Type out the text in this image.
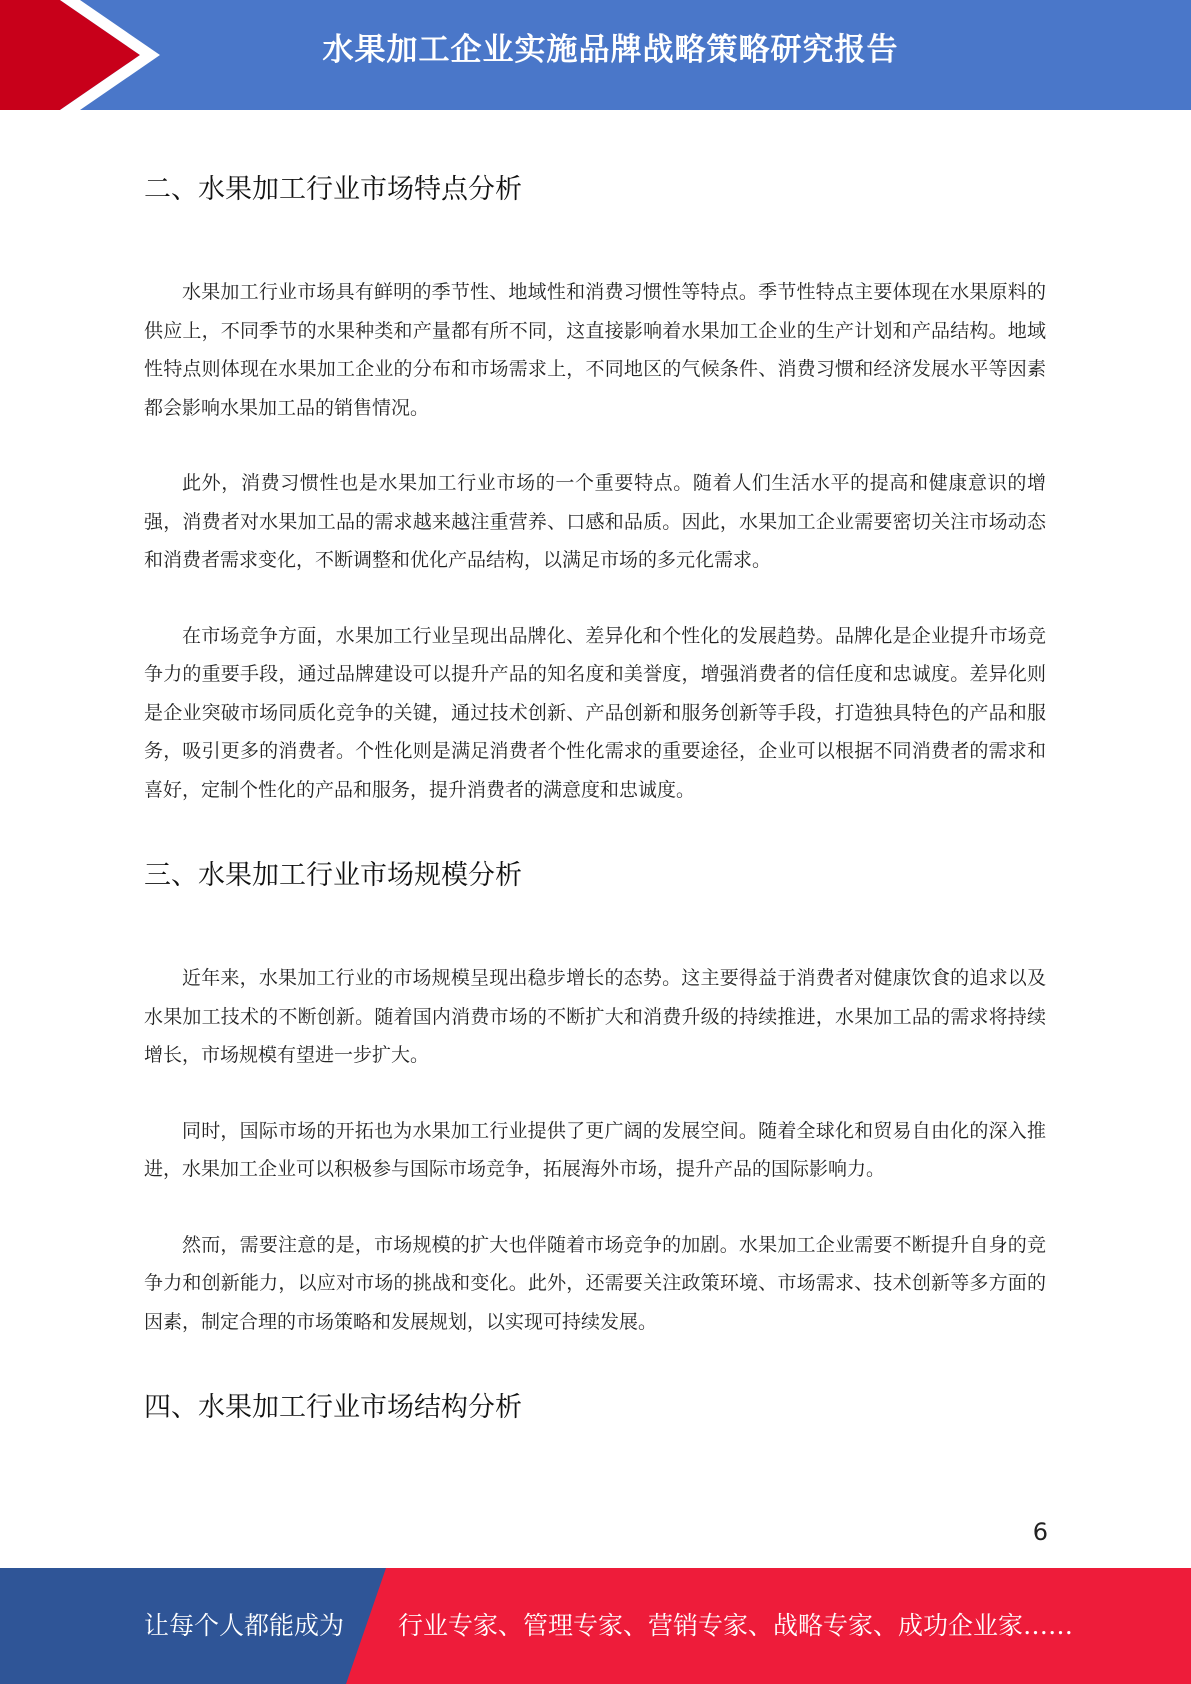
水果加工企业实施品牌战略策略研究报告
二、水果加工行业市场特点分析

水果加工行业市场具有鲜明的季节性、地域性和消费习惯性等特点。季节性特点主要体现在水果原料的供应上，不同季节的水果种类和产量都有所不同，这直接影响着水果加工企业的生产计划和产品结构。地域性特点则体现在水果加工企业的分布和市场需求上，不同地区的气候条件、消费习惯和经济发展水平等因素都会影响水果加工品的销售情况。

此外，消费习惯性也是水果加工行业市场的一个重要特点。随着人们生活水平的提高和健康意识的增强，消费者对水果加工品的需求越来越注重营养、口感和品质。因此，水果加工企业需要密切关注市场动态和消费者需求变化，不断调整和优化产品结构，以满足市场的多元化需求。

在市场竞争方面，水果加工行业呈现出品牌化、差异化和个性化的发展趋势。品牌化是企业提升市场竞争力的重要手段，通过品牌建设可以提升产品的知名度和美誉度，增强消费者的信任度和忠诚度。差异化则是企业突破市场同质化竞争的关键，通过技术创新、产品创新和服务创新等手段，打造独具特色的产品和服务，吸引更多的消费者。个性化则是满足消费者个性化需求的重要途径，企业可以根据不同消费者的需求和喜好，定制个性化的产品和服务，提升消费者的满意度和忠诚度。

三、水果加工行业市场规模分析

近年来，水果加工行业的市场规模呈现出稳步增长的态势。这主要得益于消费者对健康饮食的追求以及水果加工技术的不断创新。随着国内消费市场的不断扩大和消费升级的持续推进，水果加工品的需求将持续增长，市场规模有望进一步扩大。

同时，国际市场的开拓也为水果加工行业提供了更广阔的发展空间。随着全球化和贸易自由化的深入推进，水果加工企业可以积极参与国际市场竞争，拓展海外市场，提升产品的国际影响力。

然而，需要注意的是，市场规模的扩大也伴随着市场竞争的加剧。水果加工企业需要不断提升自身的竞争力和创新能力，以应对市场的挑战和变化。此外，还需要关注政策环境、市场需求、技术创新等多方面的因素，制定合理的市场策略和发展规划，以实现可持续发展。

四、水果加工行业市场结构分析
6
让每个人都能成为 行业专家、管理专家、营销专家、战略专家、成功企业家……
